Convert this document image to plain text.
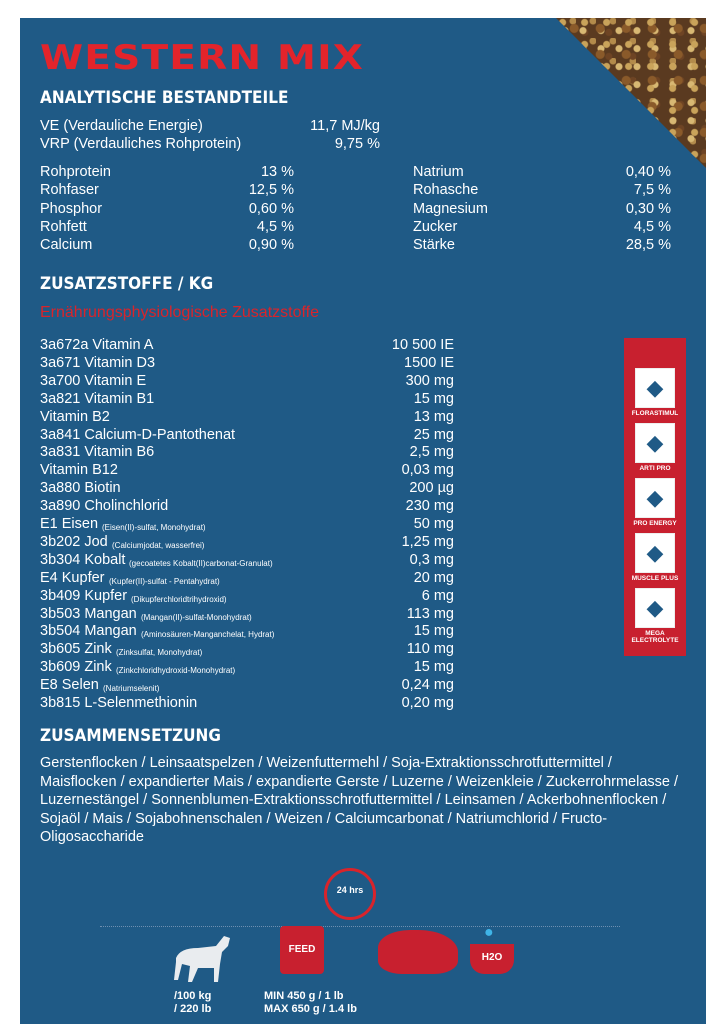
WESTERN MIX
ANALYTISCHE BESTANDTEILE
VE (Verdauliche Energie)	11,7 MJ/kg
VRP (Verdauliches Rohprotein)	9,75 %
Rohprotein	13 %
Rohfaser	12,5 %
Phosphor	0,60 %
Rohfett	4,5 %
Calcium	0,90 %
Natrium	0,40 %
Rohasche	7,5 %
Magnesium	0,30 %
Zucker	4,5 %
Stärke	28,5 %
ZUSATZSTOFFE / KG
Ernährungsphysiologische Zusatzstoffe
3a672a Vitamin A	10 500 IE
3a671 Vitamin D3	1500 IE
3a700 Vitamin E	300 mg
3a821 Vitamin B1	15 mg
Vitamin B2	13 mg
3a841 Calcium-D-Pantothenat	25 mg
3a831 Vitamin B6	2,5 mg
Vitamin B12	0,03 mg
3a880 Biotin	200 µg
3a890 Cholinchlorid	230 mg
E1 Eisen (Eisen(II)-sulfat, Monohydrat)	50 mg
3b202 Jod (Calciumjodat, wasserfrei)	1,25 mg
3b304 Kobalt (gecoatetes Kobalt(II)carbonat-Granulat)	0,3 mg
E4 Kupfer (Kupfer(II)-sulfat - Pentahydrat)	20 mg
3b409 Kupfer (Dikupferchloridtrihydroxid)	6 mg
3b503 Mangan (Mangan(II)-sulfat-Monohydrat)	113 mg
3b504 Mangan (Aminosäuren-Manganchelat, Hydrat)	15 mg
3b605 Zink (Zinksulfat, Monohydrat)	110 mg
3b609 Zink (Zinkchloridhydroxid-Monohydrat)	15 mg
E8 Selen (Natriumselenit)	0,24 mg
3b815 L-Selenmethionin	0,20 mg
◆
FLORASTIMUL
◆
ARTI PRO
◆
PRO ENERGY
◆
MUSCLE PLUS
◆
MEGA ELECTROLYTE
ZUSAMMENSETZUNG
Gerstenflocken / Leinsaatspelzen / Weizenfuttermehl / Soja-Extraktionsschrotfuttermittel / Maisflocken / expandierter Mais / expandierte Gerste / Luzerne / Weizenkleie / Zuckerrohrmelasse / Luzernestängel / Sonnenblumen-Extraktionsschrotfuttermittel / Leinsamen / Ackerbohnenflocken / Sojaöl / Mais / Sojabohnenschalen / Weizen / Calciumcarbonat / Natriumchlorid / Fructo-Oligosaccharide
24 hrs
FEED
●
H2O
/100 kg
/ 220 lb
MIN 450 g / 1 lb
MAX 650 g / 1.4 lb
